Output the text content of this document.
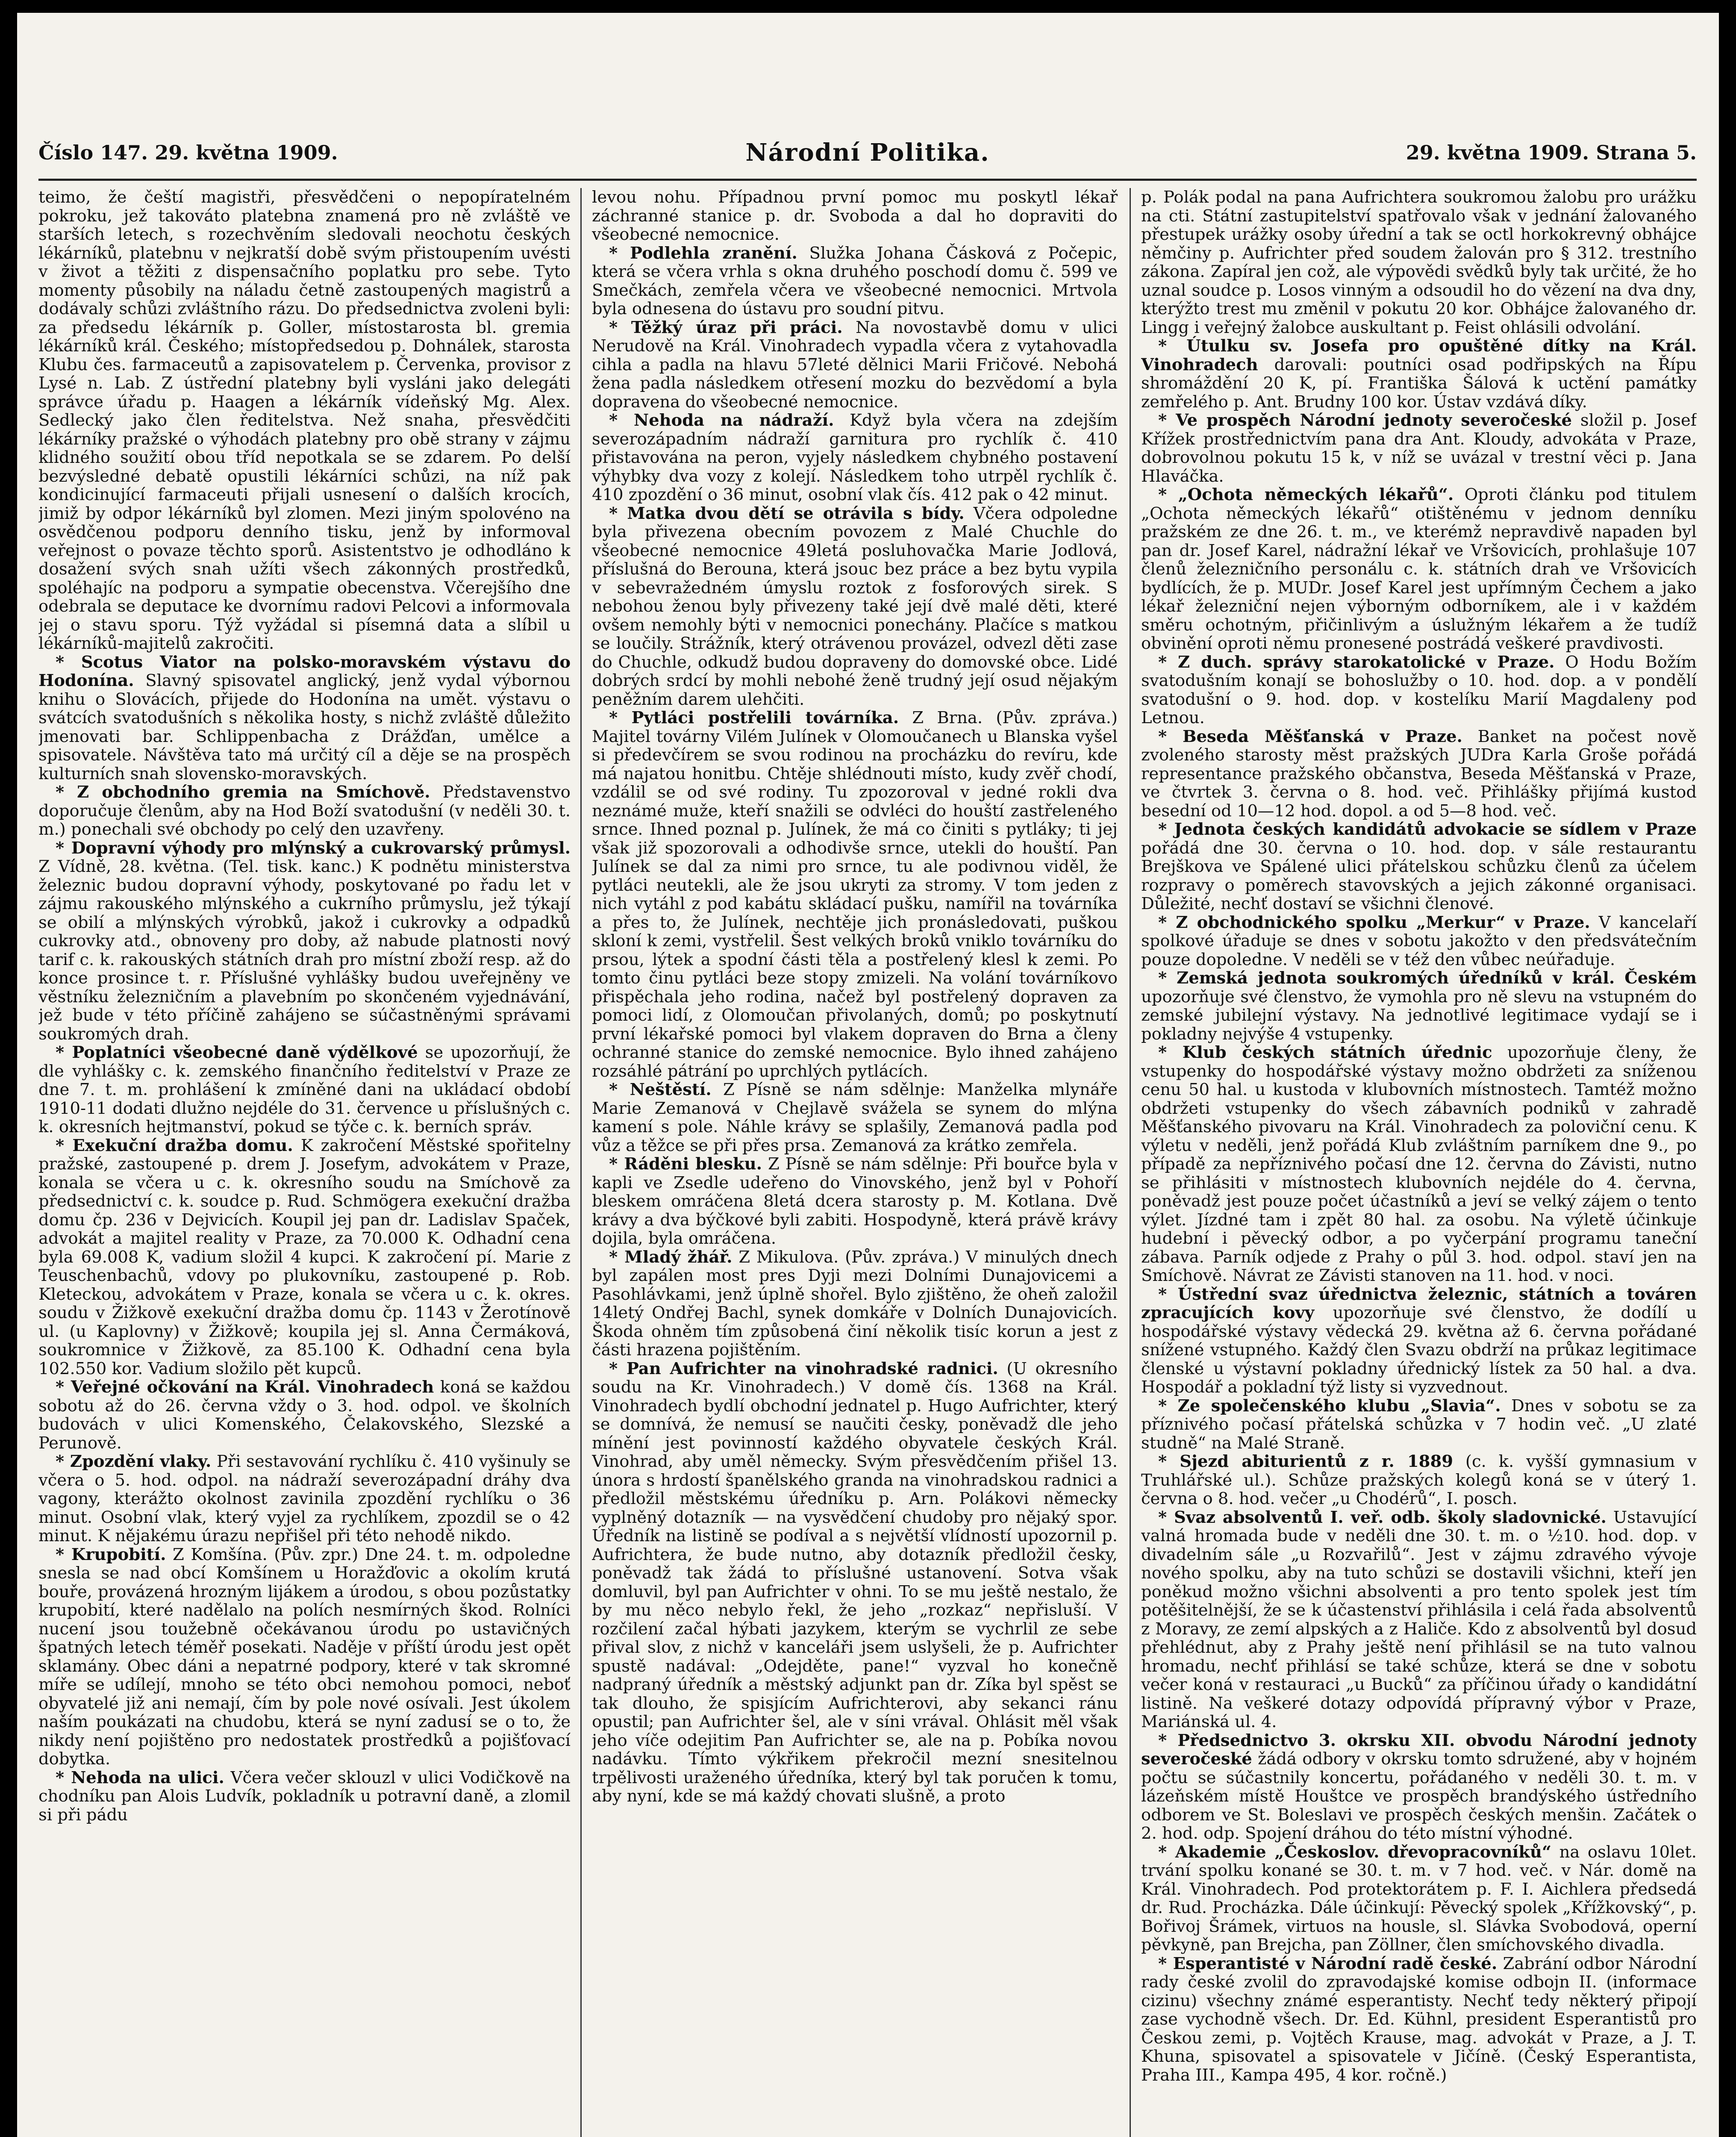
Národní Politika.
Číslo 147. 29. května 1909.	29. května 1909. Strana 5.

teimo, že čeští magistři, přesvědčeni o nepopíratelném pokroku, jež takováto platebna znamená pro ně zvláště ve starších letech, s rozechvěním sledovali neochotu českých lékárníků, platebnu v nejkratší době svým přistoupením uvésti v život a těžiti z dispensačního poplatku pro sebe. Tyto momenty působily na náladu četně zastoupených magistrů a dodávaly schůzi zvláštního rázu. Do předsednictva zvoleni byli: za předsedu lékárník p. Goller, místostarosta bl. gremia lékárníků král. Českého; místopředsedou p. Dohnálek, starosta Klubu čes. farmaceutů a zapisovatelem p. Červenka, provisor z Lysé n. Lab. Z ústřední platebny byli vysláni jako delegáti správce úřadu p. Haagen a lékárník vídeňský Mg. Alex. Sedlecký jako člen ředitelstva. Než snaha, přesvědčiti lékárníky pražské o výhodách platebny pro obě strany v zájmu klidného soužití obou tříd nepotkala se se zdarem. Po delší bezvýsledné debatě opustili lékárníci schůzi, na níž pak kondicinující farmaceuti přijali usnesení o dalších krocích, jimiž by odpor lékárníků byl zlomen. Mezi jiným spolovéno na osvědčenou podporu denního tisku, jenž by informoval veřejnost o povaze těchto sporů. Asistentstvo je odhodláno k dosažení svých snah užíti všech zákonných prostředků, spoléhajíc na podporu a sympatie obecenstva. Včerejšího dne odebrala se deputace ke dvornímu radovi Pelcovi a informovala jej o stavu sporu. Týž vyžádal si písemná data a slíbil u lékárníků-majitelů zakročiti.

* Scotus Viator na polsko-moravském výstavu do Hodonína. Slavný spisovatel anglický, jenž vydal výbornou knihu o Slovácích, přijede do Hodonína na umět. výstavu o svátcích svatodušních s několika hosty, s nichž zvláště důležito jmenovati bar. Schlippenbacha z Drážďan, umělce a spisovatele. Návštěva tato má určitý cíl a děje se na prospěch kulturních snah slovensko-moravských.

* Z obchodního gremia na Smíchově. Představenstvo doporučuje členům, aby na Hod Boží svatodušní (v neděli 30. t. m.) ponechali své obchody po celý den uzavřeny.

* Dopravní výhody pro mlýnský a cukrovarský průmysl. Z Vídně, 28. května. (Tel. tisk. kanc.) K podnětu ministerstva železnic budou dopravní výhody, poskytované po řadu let v zájmu rakouského mlýnského a cukrního průmyslu, jež týkají se obilí a mlýnských výrobků, jakož i cukrovky a odpadků cukrovky atd., obnoveny pro doby, až nabude platnosti nový tarif c. k. rakouských státních drah pro místní zboží resp. až do konce prosince t. r. Příslušné vyhlášky budou uveřejněny ve věstníku železničním a plavebním po skončeném vyjednávání, jež bude v této příčině zahájeno se súčastněnými správami soukromých drah.

* Poplatníci všeobecné daně výdělkové se upozorňují, že dle vyhlášky c. k. zemského finančního ředitelství v Praze ze dne 7. t. m. prohlášení k zmíněné dani na ukládací období 1910-11 dodati dlužno nejdéle do 31. července u příslušných c. k. okresních hejtmanství, pokud se týče c. k. berních správ.

* Exekuční dražba domu. K zakročení Městské spořitelny pražské, zastoupené p. drem J. Josefym, advokátem v Praze, konala se včera u c. k. okresního soudu na Smíchově za předsednictví c. k. soudce p. Rud. Schmögera exekuční dražba domu čp. 236 v Dejvicích. Koupil jej pan dr. Ladislav Spaček, advokát a majitel reality v Praze, za 70.000 K. Odhadní cena byla 69.008 K, vadium složil 4 kupci. K zakročení pí. Marie z Teuschenbachů, vdovy po plukovníku, zastoupené p. Rob. Kleteckou, advokátem v Praze, konala se včera u c. k. okres. soudu v Žižkově exekuční dražba domu čp. 1143 v Žerotínově ul. (u Kaplovny) v Žižkově; koupila jej sl. Anna Čermáková, soukromnice v Žižkově, za 85.100 K. Odhadní cena byla 102.550 kor. Vadium složilo pět kupců.

* Veřejné očkování na Král. Vinohradech koná se každou sobotu až do 26. června vždy o 3. hod. odpol. ve školních budovách v ulici Komenského, Čelakovského, Slezské a Perunově.

* Zpozdění vlaky. Při sestavování rychlíku č. 410 vyšinuly se včera o 5. hod. odpol. na nádraží severozápadní dráhy dva vagony, kterážto okolnost zavinila zpozdění rychlíku o 36 minut. Osobní vlak, který vyjel za rychlíkem, zpozdil se o 42 minut. K nějakému úrazu nepřišel při této nehodě nikdo.

* Krupobití. Z Komšína. (Pův. zpr.) Dne 24. t. m. odpoledne snesla se nad obcí Komšínem u Horažďovic a okolím krutá bouře, provázená hrozným lijákem a úrodou, s obou pozůstatky krupobití, které nadělalo na polích nesmírných škod. Rolníci nucení jsou toužebně očekávanou úrodu po ustavičných špatných letech téměř posekati. Naděje v příští úrodu jest opět sklamány. Obec dáni a nepatrné podpory, které v tak skromné míře se udílejí, mnoho se této obci nemohou pomoci, neboť obyvatelé již ani nemají, čím by pole nové osívali. Jest úkolem naším poukázati na chudobu, která se nyní zadusí se o to, že nikdy není pojištěno pro nedostatek prostředků a pojišťovací dobytka.

* Nehoda na ulici. Včera večer sklouzl v ulici Vodičkově na chodníku pan Alois Ludvík, pokladník u potravní daně, a zlomil si při pádu

levou nohu. Případnou první pomoc mu poskytl lékař záchranné stanice p. dr. Svoboda a dal ho dopraviti do všeobecné nemocnice.

* Podlehla zranění. Služka Johana Čásková z Počepic, která se včera vrhla s okna druhého poschodí domu č. 599 ve Smečkách, zemřela včera ve všeobecné nemocnici. Mrtvola byla odnesena do ústavu pro soudní pitvu.

* Těžký úraz při práci. Na novostavbě domu v ulici Nerudově na Král. Vinohradech vypadla včera z vytahovadla cihla a padla na hlavu 57leté dělnici Marii Fričové. Nebohá žena padla následkem otřesení mozku do bezvědomí a byla dopravena do všeobecné nemocnice.

* Nehoda na nádraží. Když byla včera na zdejším severozápadním nádraží garnitura pro rychlík č. 410 přistavována na peron, vyjely následkem chybného postavení výhybky dva vozy z kolejí. Následkem toho utrpěl rychlík č. 410 zpozdění o 36 minut, osobní vlak čís. 412 pak o 42 minut.

* Matka dvou dětí se otrávila s bídy. Včera odpoledne byla přivezena obecním povozem z Malé Chuchle do všeobecné nemocnice 49letá posluhovačka Marie Jodlová, příslušná do Berouna, která jsouc bez práce a bez bytu vypila v sebevražedném úmyslu roztok z fosforových sirek. S nebohou ženou byly přivezeny také její dvě malé děti, které ovšem nemohly býti v nemocnici ponechány. Plačíce s matkou se loučily. Strážník, který otrávenou provázel, odvezl děti zase do Chuchle, odkudž budou dopraveny do domovské obce. Lidé dobrých srdcí by mohli nebohé ženě trudný její osud nějakým peněžním darem ulehčiti.

* Pytláci postřelili továrníka. Z Brna. (Pův. zpráva.) Majitel továrny Vilém Julínek v Olomoučanech u Blanska vyšel si předevčírem se svou rodinou na procházku do revíru, kde má najatou honitbu. Chtěje shlédnouti místo, kudy zvěř chodí, vzdálil se od své rodiny. Tu zpozoroval v jedné rokli dva neznámé muže, kteří snažili se odvléci do houští zastřeleného srnce. Ihned poznal p. Julínek, že má co činiti s pytláky; ti jej však již spozorovali a odhodivše srnce, utekli do houští. Pan Julínek se dal za nimi pro srnce, tu ale podivnou viděl, že pytláci neutekli, ale že jsou ukryti za stromy. V tom jeden z nich vytáhl z pod kabátu skládací pušku, namířil na továrníka a přes to, že Julínek, nechtěje jich pronásledovati, puškou skloní k zemi, vystřelil. Šest velkých broků vniklo továrníku do prsou, lýtek a spodní části těla a postřelený klesl k zemi. Po tomto činu pytláci beze stopy zmizeli. Na volání továrníkovo přispěchala jeho rodina, načež byl postřelený dopraven za pomoci lidí, z Olomoučan přivolaných, domů; po poskytnutí první lékařské pomoci byl vlakem dopraven do Brna a členy ochranné stanice do zemské nemocnice. Bylo ihned zahájeno rozsáhlé pátrání po uprchlých pytlácích.

* Neštěstí. Z Písně se nám sdělnje: Manželka mlynáře Marie Zemanová v Chejlavě svážela se synem do mlýna kamení s pole. Náhle krávy se splašily, Zemanová padla pod vůz a těžce se při přes prsa. Zemanová za krátko zemřela.

* Ráděni blesku. Z Písně se nám sdělnje: Při bouřce byla v kapli ve Zsedle udeřeno do Vinovského, jenž byl v Pohoří bleskem omráčena 8letá dcera starosty p. M. Kotlana. Dvě krávy a dva býčkové byli zabiti. Hospodyně, která právě krávy dojila, byla omráčena.

* Mladý žhář. Z Mikulova. (Pův. zpráva.) V minulých dnech byl zapálen most pres Dyji mezi Dolními Dunajovicemi a Pasohlávkami, jenž úplně shořel. Bylo zjištěno, že oheň založil 14letý Ondřej Bachl, synek domkáře v Dolních Dunajovicích. Škoda ohněm tím způsobená činí několik tisíc korun a jest z části hrazena pojištěním.

* Pan Aufrichter na vinohradské radnici. (U okresního soudu na Kr. Vinohradech.) V domě čís. 1368 na Král. Vinohradech bydlí obchodní jednatel p. Hugo Aufrichter, který se domnívá, že nemusí se naučiti česky, poněvadž dle jeho mínění jest povinností každého obyvatele českých Král. Vinohrad, aby uměl německy. Svým přesvědčením přišel 13. února s hrdostí španělského granda na vinohradskou radnici a předložil městskému úředníku p. Arn. Polákovi německy vyplněný dotazník — na vysvědčení chudoby pro nějaký spor. Úředník na listině se podíval a s největší vlídností upozornil p. Aufrichtera, že bude nutno, aby dotazník předložil česky, poněvadž tak žádá to příslušné ustanovení. Sotva však domluvil, byl pan Aufrichter v ohni. To se mu ještě nestalo, že by mu něco nebylo řekl, že jeho „rozkaz“ nepřisluší. V rozčilení začal hýbati jazykem, kterým se vychrlil ze sebe přival slov, z nichž v kanceláři jsem uslyšeli, že p. Aufrichter spustě nadával: „Odejděte, pane!“ vyzval ho konečně nadpraný úředník a městský adjunkt pan dr. Zíka byl spěst se tak dlouho, že spisjícím Aufrichterovi, aby sekanci ránu opustil; pan Aufrichter šel, ale v síni vrával. Ohlásit měl však jeho víče odejitim Pan Aufrichter se, ale na p. Pobíka novou nadávku. Tímto výkřikem překročil mezní snesitelnou trpělivosti uraženého úředníka, který byl tak poručen k tomu, aby nyní, kde se má každý chovati slušně, a proto

p. Polák podal na pana Aufrichtera soukromou žalobu pro urážku na cti. Státní zastupitelství spatřovalo však v jednání žalovaného přestupek urážky osoby úřední a tak se octl horkokrevný obhájce němčiny p. Aufrichter před soudem žalován pro § 312. trestního zákona. Zapíral jen což, ale výpovědi svědků byly tak určité, že ho uznal soudce p. Losos vinným a odsoudil ho do vězení na dva dny, kterýžto trest mu změnil v pokutu 20 kor. Obhájce žalovaného dr. Lingg i veřejný žalobce auskultant p. Feist ohlásili odvolání.

* Útulku sv. Josefa pro opuštěné dítky na Král. Vinohradech darovali: poutníci osad podřipských na Řípu shromáždění 20 K, pí. Františka Šálová k uctění památky zemřelého p. Ant. Brudny 100 kor. Ústav vzdává díky.

* Ve prospěch Národní jednoty severočeské složil p. Josef Křížek prostřednictvím pana dra Ant. Kloudy, advokáta v Praze, dobrovolnou pokutu 15 k, v níž se uvázal v trestní věci p. Jana Hlaváčka.

* „Ochota německých lékařů“. Oproti článku pod titulem „Ochota německých lékařů“ otištěnému v jednom denníku pražském ze dne 26. t. m., ve kterémž nepravdivě napaden byl pan dr. Josef Karel, nádražní lékař ve Vršovicích, prohlašuje 107 členů železničního personálu c. k. státních drah ve Vršovicích bydlících, že p. MUDr. Josef Karel jest upřímným Čechem a jako lékař železniční nejen výborným odborníkem, ale i v každém směru ochotným, přičinlivým a úslužným lékařem a že tudíž obvinění oproti němu pronesené postrádá veškeré pravdivosti.

* Z duch. správy starokatolické v Praze. O Hodu Božím svatodušním konají se bohoslužby o 10. hod. dop. a v pondělí svatodušní o 9. hod. dop. v kostelíku Marií Magdaleny pod Letnou.

* Beseda Měšťanská v Praze. Banket na počest nově zvoleného starosty měst pražských JUDra Karla Groše pořádá representance pražského občanstva, Beseda Měšťanská v Praze, ve čtvrtek 3. června o 8. hod. več. Přihlášky přijímá kustod besední od 10—12 hod. dopol. a od 5—8 hod. več.

* Jednota českých kandidátů advokacie se sídlem v Praze pořádá dne 30. června o 10. hod. dop. v sále restaurantu Brejškova ve Spálené ulici přátelskou schůzku členů za účelem rozpravy o poměrech stavovských a jejich zákonné organisaci. Důležité, nechť dostaví se všichni členové.

* Z obchodnického spolku „Merkur“ v Praze. V kancelaří spolkové úřaduje se dnes v sobotu jakožto v den předsvátečním pouze dopoledne. V neděli se v též den vůbec neúřaduje.

* Zemská jednota soukromých úředníků v král. Českém upozorňuje své členstvo, že vymohla pro ně slevu na vstupném do zemské jubilejní výstavy. Na jednotlivé legitimace vydají se i pokladny nejvýše 4 vstupenky.

* Klub českých státních úřednic upozorňuje členy, že vstupenky do hospodářské výstavy možno obdržeti za sníženou cenu 50 hal. u kustoda v klubovních místnostech. Tamtéž možno obdržeti vstupenky do všech zábavních podniků v zahradě Měšťanského pivovaru na Král. Vinohradech za poloviční cenu. K výletu v neděli, jenž pořádá Klub zvláštním parníkem dne 9., po případě za nepříznivého počasí dne 12. června do Závisti, nutno se přihlásiti v místnostech klubovních nejdéle do 4. června, poněvadž jest pouze počet účastníků a jeví se velký zájem o tento výlet. Jízdné tam i zpět 80 hal. za osobu. Na výletě účinkuje hudební i pěvecký odbor, a po vyčerpání programu taneční zábava. Parník odjede z Prahy o půl 3. hod. odpol. staví jen na Smíchově. Návrat ze Závisti stanoven na 11. hod. v noci.

* Ústřední svaz úřednictva železnic, státních a továren zpracujících kovy upozorňuje své členstvo, že dodílí u hospodářské výstavy vědecká 29. května až 6. června pořádané snížené vstupného. Každý člen Svazu obdrží na průkaz legitimace členské u výstavní pokladny úřednický lístek za 50 hal. a dva. Hospodář a pokladní týž listy si vyzvednout.

* Ze společenského klubu „Slavia“. Dnes v sobotu se za příznivého počasí přátelská schůzka v 7 hodin več. „U zlaté studně“ na Malé Straně.

* Sjezd abiturientů z r. 1889 (c. k. vyšší gymnasium v Truhlářské ul.). Schůze pražských kolegů koná se v úterý 1. června o 8. hod. večer „u Chodérů“, I. posch.

* Svaz absolventů I. veř. odb. školy sladovnické. Ustavující valná hromada bude v neděli dne 30. t. m. o ½10. hod. dop. v divadelním sále „u Rozvařilů“. Jest v zájmu zdravého vývoje nového spolku, aby na tuto schůzi se dostavili všichni, kteří jen poněkud možno všichni absolventi a pro tento spolek jest tím potěšitelnější, že se k účastenství přihlásila i celá řada absolventů z Moravy, ze zemí alpských a z Haliče. Kdo z absolventů byl dosud přehlédnut, aby z Prahy ještě není přihlásil se na tuto valnou hromadu, nechť přihlásí se také schůze, která se dne v sobotu večer koná v restauraci „u Bucků“ za příčinou úřady o kandidátní listině. Na veškeré dotazy odpovídá přípravný výbor v Praze, Mariánská ul. 4.

* Předsednictvo 3. okrsku XII. obvodu Národní jednoty severočeské žádá odbory v okrsku tomto sdružené, aby v hojném počtu se súčastnily koncertu, pořádaného v neděli 30. t. m. v lázeňském místě Houštce ve prospěch brandýského ústředního odborem ve St. Boleslavi ve prospěch českých menšin. Začátek o 2. hod. odp. Spojení dráhou do této místní výhodné.

* Akademie „Českoslov. dřevopracovníků“ na oslavu 10let. trvání spolku konané se 30. t. m. v 7 hod. več. v Nár. domě na Král. Vinohradech. Pod protektorátem p. F. I. Aichlera předsedá dr. Rud. Procházka. Dále účinkují: Pěvecký spolek „Křížkovský“, p. Bořivoj Šrámek, virtuos na housle, sl. Slávka Svobodová, operní pěvkyně, pan Brejcha, pan Zöllner, člen smíchovského divadla.

* Esperantisté v Národní radě české. Zabrání odbor Národní rady české zvolil do zpravodajské komise odbojn II. (informace cizinu) všechny známé esperantisty. Nechť tedy některý připojí zase vychodně všech. Dr. Ed. Kühnl, president Esperantistů pro Českou zemi, p. Vojtěch Krause, mag. advokát v Praze, a J. T. Khuna, spisovatel a spisovatele v Jičíně. (Český Esperantista, Praha III., Kampa 495, 4 kor. ročně.)
